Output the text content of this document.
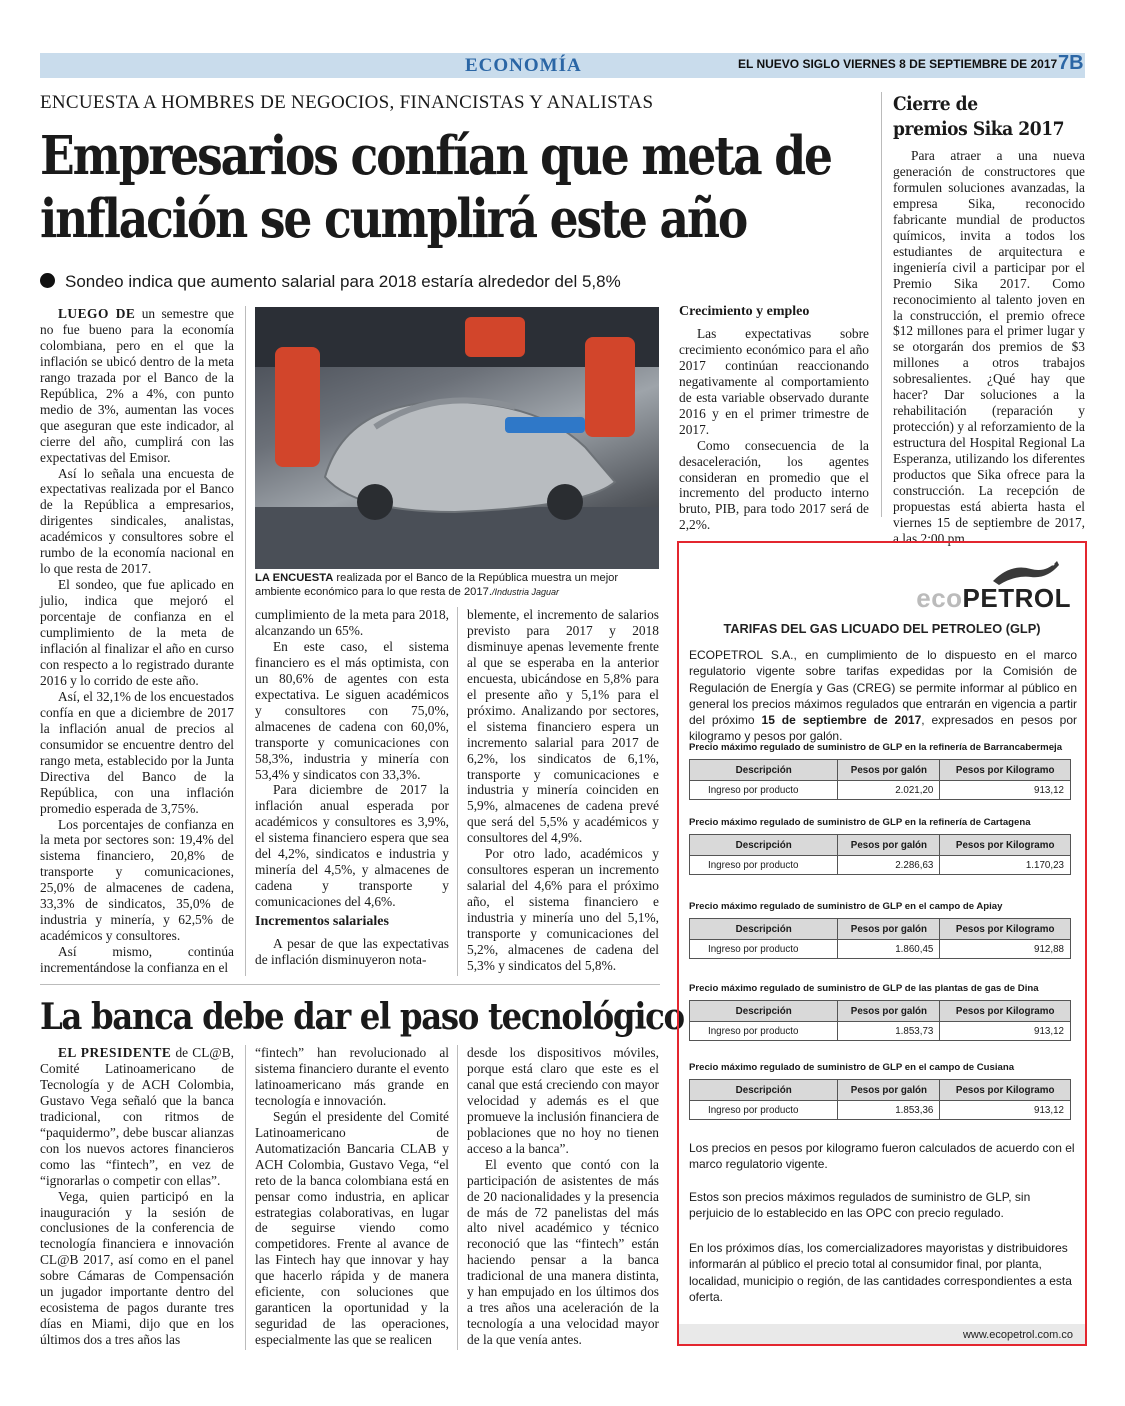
ECONOMÍA	EL NUEVO SIGLO VIERNES 8 DE SEPTIEMBRE DE 2017 7B
ENCUESTA A HOMBRES DE NEGOCIOS, FINANCISTAS Y ANALISTAS
Empresarios confían que meta de
inflación se cumplirá este año
Sondeo indica que aumento salarial para 2018 estaría alrededor del 5,8%

LUEGO DE un semestre que no fue bueno para la economía colombiana, pero en el que la inflación se ubicó dentro de la meta rango trazada por el Banco de la República, 2% a 4%, con punto medio de 3%, aumentan las voces que aseguran que este indicador, al cierre del año, cumplirá con las expectativas del Emisor.

Así lo señala una encuesta de expectativas realizada por el Banco de la República a empresarios, dirigentes sindicales, analistas, académicos y consultores sobre el rumbo de la economía nacional en lo que resta de 2017.

El sondeo, que fue aplicado en julio, indica que mejoró el porcentaje de confianza en el cumplimiento de la meta de inflación al finalizar el año en curso con respecto a lo registrado durante 2016 y lo corrido de este año.

Así, el 32,1% de los encuestados confía en que a diciembre de 2017 la inflación anual de precios al consumidor se encuentre dentro del rango meta, establecido por la Junta Directiva del Banco de la República, con una inflación promedio esperada de 3,75%.

Los porcentajes de confianza en la meta por sectores son: 19,4% del sistema financiero, 20,8% de transporte y comunicaciones, 25,0% de almacenes de cadena, 33,3% de sindicatos, 35,0% de industria y minería, y 62,5% de académicos y consultores.

Así mismo, continúa incrementándose la confianza en el

LA ENCUESTA realizada por el Banco de la República muestra un mejor ambiente económico para lo que resta de 2017./Industria Jaguar

cumplimiento de la meta para 2018, alcanzando un 65%.

En este caso, el sistema financiero es el más optimista, con un 80,6% de agentes con esta expectativa. Le siguen académicos y consultores con 75,0%, almacenes de cadena con 60,0%, transporte y comunicaciones con 58,3%, industria y minería con 53,4% y sindicatos con 33,3%.

Para diciembre de 2017 la inflación anual esperada por académicos y consultores es 3,9%, el sistema financiero espera que sea del 4,2%, sindicatos e industria y minería del 4,5%, y almacenes de cadena y transporte y comunicaciones del 4,6%.

Incrementos salariales

A pesar de que las expectativas de inflación disminuyeron nota-

blemente, el incremento de salarios previsto para 2017 y 2018 disminuye apenas levemente frente al que se esperaba en la anterior encuesta, ubicándose en 5,8% para el presente año y 5,1% para el próximo. Analizando por sectores, el sistema financiero espera un incremento salarial para 2017 de 6,2%, los sindicatos de 6,1%, transporte y comunicaciones e industria y minería coinciden en 5,9%, almacenes de cadena prevé que será del 5,5% y académicos y consultores del 4,9%.

Por otro lado, académicos y consultores esperan un incremento salarial del 4,6% para el próximo año, el sistema financiero e industria y minería uno del 5,1%, transporte y comunicaciones del 5,2%, almacenes de cadena del 5,3% y sindicatos del 5,8%.

Crecimiento y empleo

Las expectativas sobre crecimiento económico para el año 2017 continúan reaccionando negativamente al comportamiento de esta variable observado durante 2016 y en el primer trimestre de 2017.

Como consecuencia de la desaceleración, los agentes consideran en promedio que el incremento del producto interno bruto, PIB, para todo 2017 será de 2,2%.

Cierre de
premios Sika 2017

Para atraer a una nueva generación de constructores que formulen soluciones avanzadas, la empresa Sika, reconocido fabricante mundial de productos químicos, invita a todos los estudiantes de arquitectura e ingeniería civil a participar por el Premio Sika 2017. Como reconocimiento al talento joven en la construcción, el premio ofrece $12 millones para el primer lugar y se otorgarán dos premios de $3 millones a otros trabajos sobresalientes. ¿Qué hay que hacer? Dar soluciones a la rehabilitación (reparación y protección) y al reforzamiento de la estructura del Hospital Regional La Esperanza, utilizando los diferentes productos que Sika ofrece para la construcción. La recepción de propuestas está abierta hasta el viernes 15 de septiembre de 2017, a las 2:00 pm.

La banca debe dar el paso tecnológico

EL PRESIDENTE de CL@B, Comité Latinoamericano de Tecnología y de ACH Colombia, Gustavo Vega señaló que la banca tradicional, con ritmos de “paquidermo”, debe buscar alianzas con los nuevos actores financieros como las “fintech”, en vez de “ignorarlas o competir con ellas”.

Vega, quien participó en la inauguración y la sesión de conclusiones de la conferencia de tecnología financiera e innovación CL@B 2017, así como en el panel sobre Cámaras de Compensación un jugador importante dentro del ecosistema de pagos durante tres días en Miami, dijo que en los últimos dos a tres años las

“fintech” han revolucionado al sistema financiero durante el evento latinoamericano más grande en tecnología e innovación.

Según el presidente del Comité Latinoamericano de Automatización Bancaria CLAB y ACH Colombia, Gustavo Vega, “el reto de la banca colombiana está en pensar como industria, en aplicar estrategias colaborativas, en lugar de seguirse viendo como competidores. Frente al avance de las Fintech hay que innovar y hay que hacerlo rápida y de manera eficiente, con soluciones que garanticen la oportunidad y la seguridad de las operaciones, especialmente las que se realicen

desde los dispositivos móviles, porque está claro que este es el canal que está creciendo con mayor velocidad y además es el que promueve la inclusión financiera de poblaciones que no hoy no tienen acceso a la banca”.

El evento que contó con la participación de asistentes de más de 20 nacionalidades y la presencia de más de 72 panelistas del más alto nivel académico y técnico reconoció que las “fintech” están haciendo pensar a la banca tradicional de una manera distinta, y han empujado en los últimos dos a tres años una aceleración de la tecnología a una velocidad mayor de la que venía antes.

ecoPETROL
TARIFAS DEL GAS LICUADO DEL PETROLEO (GLP)
ECOPETROL S.A., en cumplimiento de lo dispuesto en el marco regulatorio vigente sobre tarifas expedidas por la Comisión de Regulación de Energía y Gas (CREG) se permite informar al público en general los precios máximos regulados que entrarán en vigencia a partir del próximo 15 de septiembre de 2017, expresados en pesos por kilogramo y pesos por galón.
Precio máximo regulado de suministro de GLP en la refinería de Barrancabermeja
Descripción	Pesos por galón	Pesos por Kilogramo
Ingreso por producto	2.021,20	913,12
Precio máximo regulado de suministro de GLP en la refinería de Cartagena
Descripción	Pesos por galón	Pesos por Kilogramo
Ingreso por producto	2.286,63	1.170,23
Precio máximo regulado de suministro de GLP en el campo de Apiay
Descripción	Pesos por galón	Pesos por Kilogramo
Ingreso por producto	1.860,45	912,88
Precio máximo regulado de suministro de GLP de las plantas de gas de Dina
Descripción	Pesos por galón	Pesos por Kilogramo
Ingreso por producto	1.853,73	913,12
Precio máximo regulado de suministro de GLP en el campo de Cusiana
Descripción	Pesos por galón	Pesos por Kilogramo
Ingreso por producto	1.853,36	913,12
Los precios en pesos por kilogramo fueron calculados de acuerdo con el marco regulatorio vigente.
Estos son precios máximos regulados de suministro de GLP, sin perjuicio de lo establecido en las OPC con precio regulado.
En los próximos días, los comercializadores mayoristas y distribuidores informarán al público el precio total al consumidor final, por planta, localidad, municipio o región, de las cantidades correspondientes a esta oferta.
www.ecopetrol.com.co
